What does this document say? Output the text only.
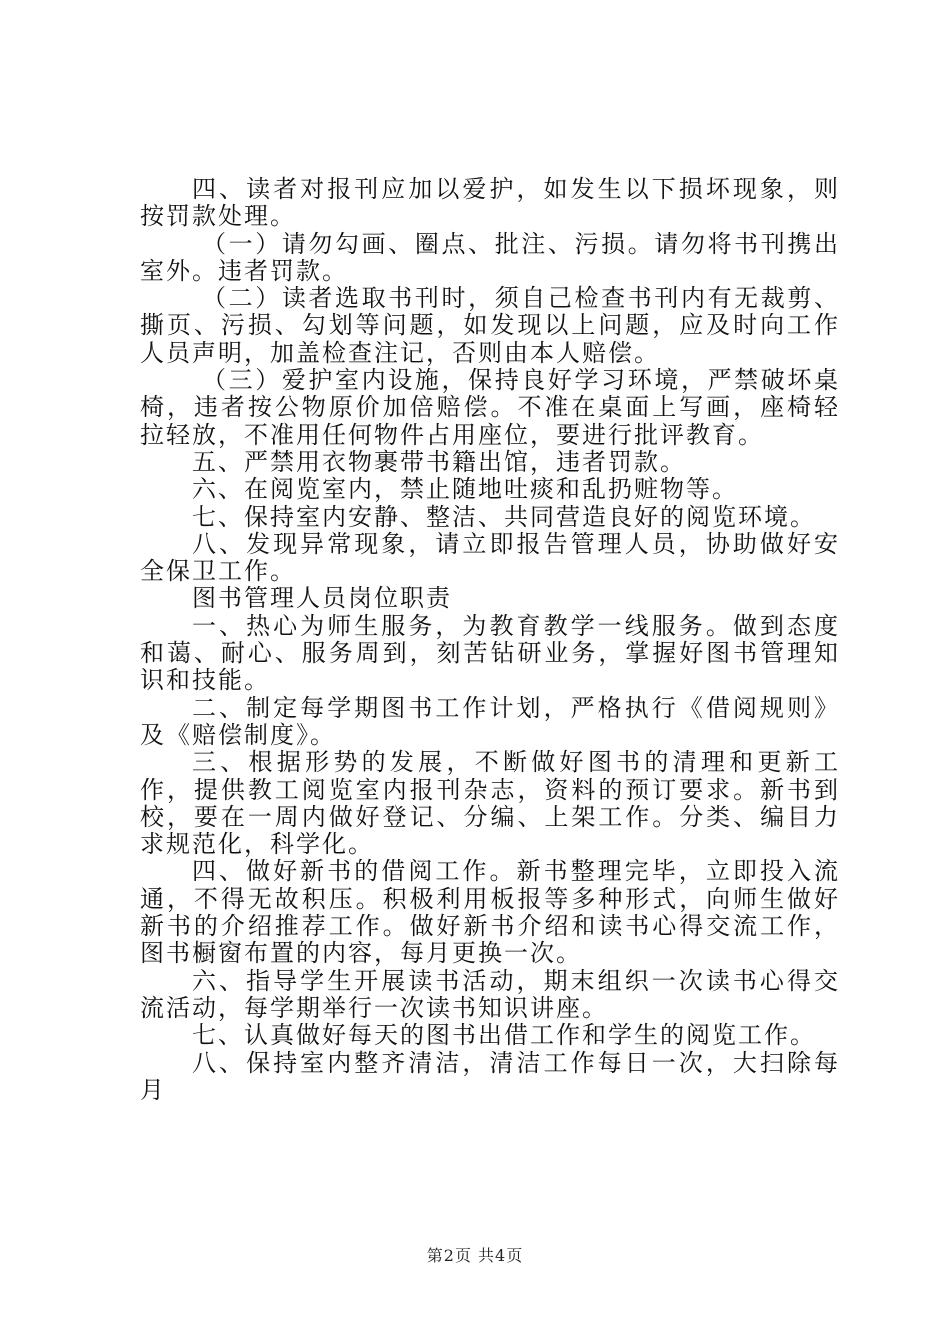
四、读者对报刊应加以爱护，如发生以下损坏现象，则按罚款处理。

（一）请勿勾画、圈点、批注、污损。请勿将书刊携出室外。违者罚款。

（二）读者选取书刊时，须自己检查书刊内有无裁剪、撕页、污损、勾划等问题，如发现以上问题，应及时向工作人员声明，加盖检查注记，否则由本人赔偿。

（三）爱护室内设施，保持良好学习环境，严禁破坏桌椅，违者按公物原价加倍赔偿。不准在桌面上写画，座椅轻拉轻放，不准用任何物件占用座位，要进行批评教育。

五、严禁用衣物裹带书籍出馆，违者罚款。

六、在阅览室内，禁止随地吐痰和乱扔赃物等。

七、保持室内安静、整洁、共同营造良好的阅览环境。

八、发现异常现象，请立即报告管理人员，协助做好安全保卫工作。

图书管理人员岗位职责

一、热心为师生服务，为教育教学一线服务。做到态度和蔼、耐心、服务周到，刻苦钻研业务，掌握好图书管理知识和技能。

二、制定每学期图书工作计划，严格执行《借阅规则》及《赔偿制度》。

三、根据形势的发展，不断做好图书的清理和更新工作，提供教工阅览室内报刊杂志，资料的预订要求。新书到校，要在一周内做好登记、分编、上架工作。分类、编目力求规范化，科学化。

四、做好新书的借阅工作。新书整理完毕，立即投入流通，不得无故积压。积极利用板报等多种形式，向师生做好新书的介绍推荐工作。做好新书介绍和读书心得交流工作，图书橱窗布置的内容，每月更换一次。

六、指导学生开展读书活动，期末组织一次读书心得交流活动，每学期举行一次读书知识讲座。

七、认真做好每天的图书出借工作和学生的阅览工作。

八、保持室内整齐清洁，清洁工作每日一次，大扫除每月

第2页 共4页
